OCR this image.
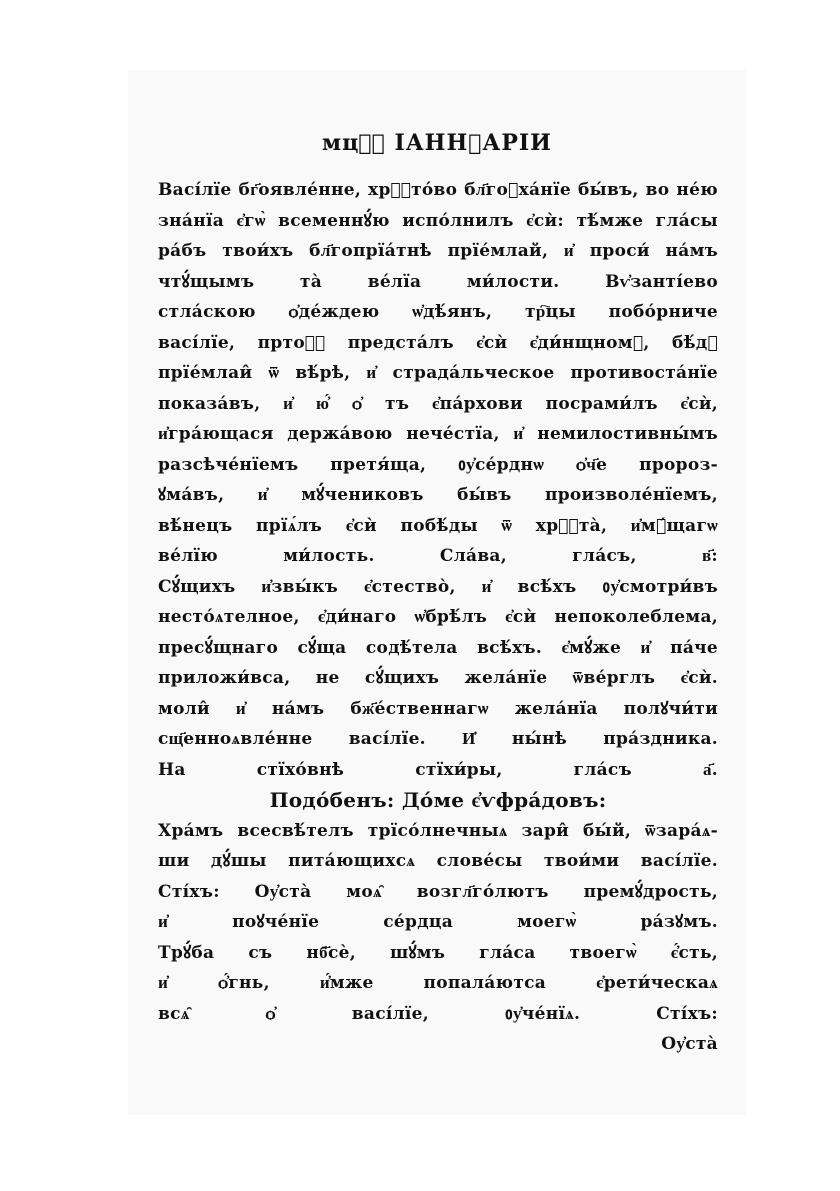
мцⷭ҇ ІАННꙊАРІИ
Васі́лїе бг҃оявле́нне, хрⷭ҇то́во бл҃гоꙋха́нїе бы́въ, во не́ю
зна́нїа є҆гѡ̀ всеменнꙋ́ю испо́лнилъ є҆сѝ: тѣ́мже гла́сы
ра́бъ твои́хъ бл҃гопрїа́тнѣ прїе́млай, и҆ проси́ на́мъ
чтꙋ́щымъ та̀ ве́лїа ми́лости. Вѵ҆занті́ево
стла́скою ѻ҆де́ждею ѡ҆дѣ́янъ, тр҇цы побо́рниче
васі́лїе, пртоⷧ҇ предста́лъ є҆сѝ є҆ди́нщномꙋ, бѣ́дꙋ
прїе́млаи̂ ѿ вѣ́рѣ, и҆ страда́льческое противоста́нїе
показа́въ, и҆ ю҆́ ѻ҆ тъ є҆па́рхови посрами́лъ є҆сѝ,
и҆гра́ющася держа́вою нече́стїа, и҆ немилостивны́мъ
разсѣче́нїемъ претя́ща, ᲂу҆се́рднѡ ѻ҆ч҃е пророз-
ꙋма́въ, и҆ мꙋ́чениковъ бы́въ произволе́нїемъ,
вѣ́нецъ прїѧ́лъ є҆сѝ побѣ́ды ѿ хрⷭ҇та̀, и҆мꙋ́щагѡ
ве́лїю ми́лость. Сла́ва, гла́съ, в҃:
Сꙋ́щихъ и҆звы́къ є҆стество̀, и҆ всѣ́хъ ᲂу҆смотри́въ
несто́ѧтелное, є҆ди́наго ѡ҆брѣ́лъ є҆сѝ непоколеблема,
пресꙋ́щнаго сꙋ́ща содѣ́тела всѣ́хъ. є҆мꙋ́же и҆ па́че
приложи́вса, не сꙋ́щихъ жела́нїе ѿве́рглъ є҆сѝ.
моли̂ и҆ на́мъ бж҃е́ственнагѡ жела́нїа полꙋчи́ти
сщ҃енноѧвле́нне васі́лїе. И҆ ны́нѣ пра́здника.
На стїхо́внѣ стїхи́ры, гла́съ а҃.
Подо́бенъ: До́ме є҆ѵфра́довъ:
Хра́мъ всесвѣ́телъ трїсо́лнечныѧ зари̂ бы́й, ѿзара́ѧ-
ши дꙋ́шы пита́ющихсѧ слове́сы твои́ми васі́лїе.
Сті́хъ: Оу҆ста̀ моѧ̑ возгл҃го́лютъ премꙋ́дрость,
и҆ поꙋче́нїе се́рдца моегѡ̀ ра́зꙋмъ.
Трꙋ́ба съ нб҃сѐ, шꙋ́мъ гла́са твоегѡ̀ є҆́сть,
и҆ ѻ҆́гнь, и҆́мже попала́ютса є҆рети́ческаѧ
всѧ̑ ѻ҆ васі́лїе, ᲂу҆че́нїѧ. Сті́хъ:
Оу҆ста̀
